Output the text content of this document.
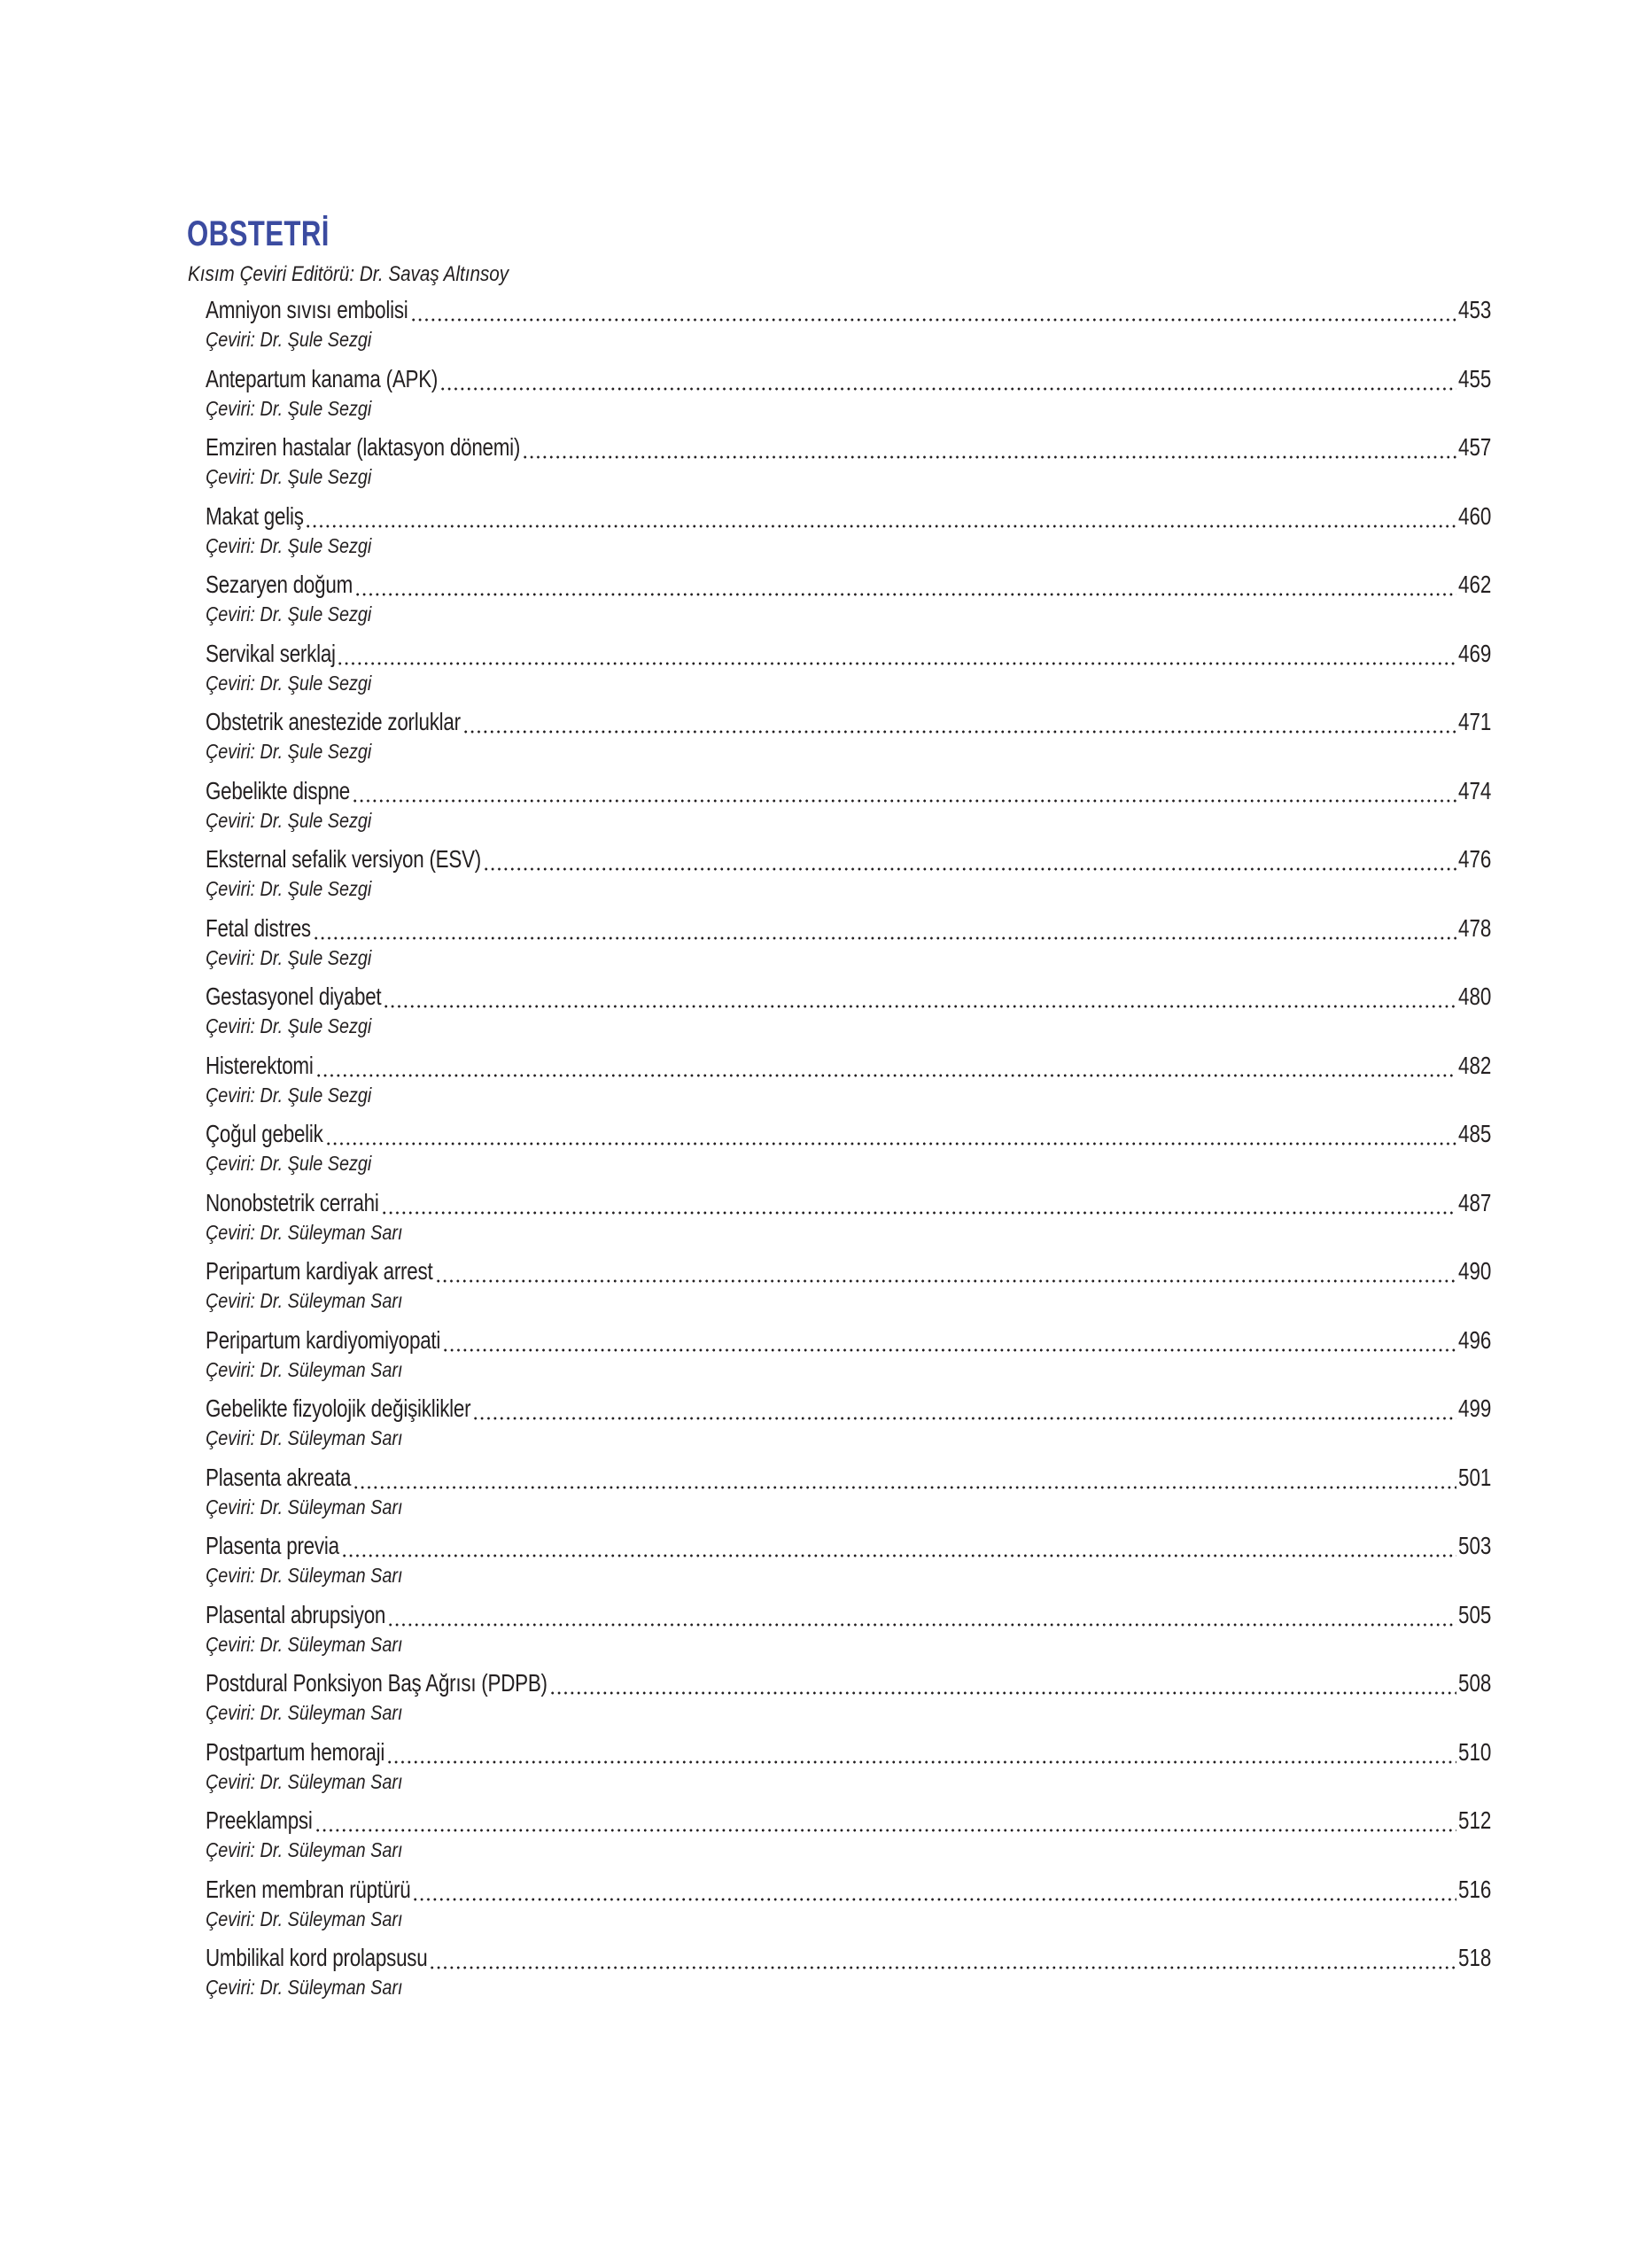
OBSTETRİ

Kısım Çeviri Editörü: Dr. Savaş Altınsoy

Amniyon sıvısı embolisi	453
Çeviri: Dr. Şule Sezgi
Antepartum kanama (APK)	455
Çeviri: Dr. Şule Sezgi
Emziren hastalar (laktasyon dönemi)	457
Çeviri: Dr. Şule Sezgi
Makat geliş	460
Çeviri: Dr. Şule Sezgi
Sezaryen doğum	462
Çeviri: Dr. Şule Sezgi
Servikal serklaj	469
Çeviri: Dr. Şule Sezgi
Obstetrik anestezide zorluklar	471
Çeviri: Dr. Şule Sezgi
Gebelikte dispne	474
Çeviri: Dr. Şule Sezgi
Eksternal sefalik versiyon (ESV)	476
Çeviri: Dr. Şule Sezgi
Fetal distres	478
Çeviri: Dr. Şule Sezgi
Gestasyonel diyabet	480
Çeviri: Dr. Şule Sezgi
Histerektomi	482
Çeviri: Dr. Şule Sezgi
Çoğul gebelik	485
Çeviri: Dr. Şule Sezgi
Nonobstetrik cerrahi	487
Çeviri: Dr. Süleyman Sarı
Peripartum kardiyak arrest	490
Çeviri: Dr. Süleyman Sarı
Peripartum kardiyomiyopati	496
Çeviri: Dr. Süleyman Sarı
Gebelikte fizyolojik değişiklikler	499
Çeviri: Dr. Süleyman Sarı
Plasenta akreata	501
Çeviri: Dr. Süleyman Sarı
Plasenta previa	503
Çeviri: Dr. Süleyman Sarı
Plasental abrupsiyon	505
Çeviri: Dr. Süleyman Sarı
Postdural Ponksiyon Baş Ağrısı (PDPB)	508
Çeviri: Dr. Süleyman Sarı
Postpartum hemoraji	510
Çeviri: Dr. Süleyman Sarı
Preeklampsi	512
Çeviri: Dr. Süleyman Sarı
Erken membran rüptürü	516
Çeviri: Dr. Süleyman Sarı
Umbilikal kord prolapsusu	518
Çeviri: Dr. Süleyman Sarı
